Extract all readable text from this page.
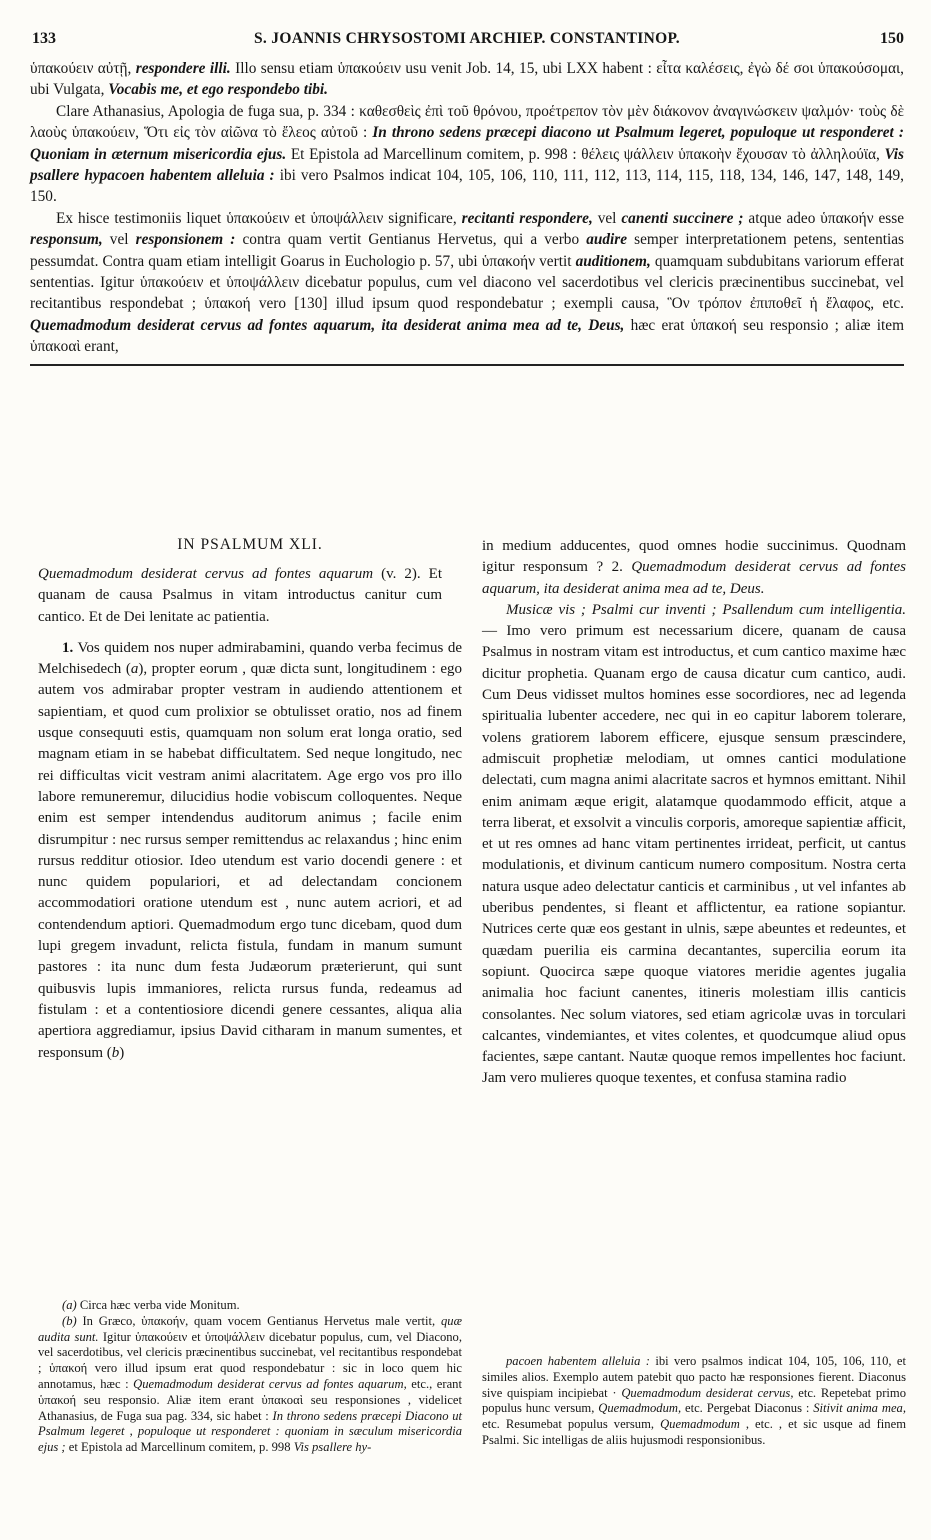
133	S. JOANNIS CHRYSOSTOMI ARCHIEP. CONSTANTINOP.	150

ὑπακούειν αὐτῇ, respondere illi. Illo sensu etiam ὑπακούειν usu venit Job. 14, 15, ubi LXX habent : εἶτα καλέσεις, ἐγὼ δέ σοι ὑπακούσομαι, ubi Vulgata, Vocabis me, et ego respondebo tibi.

Clare Athanasius, Apologia de fuga sua, p. 334 : καθεσθεὶς ἐπὶ τοῦ θρόνου, προέτρεπον τὸν μὲν διάκονον ἀναγινώσκειν ψαλμόν· τοὺς δὲ λαοὺς ὑπακούειν, Ὅτι εἰς τὸν αἰῶνα τὸ ἔλεος αὐτοῦ : In throno sedens præcepi diacono ut Psalmum legeret, populoque ut responderet : Quoniam in æternum misericordia ejus. Et Epistola ad Marcellinum comitem, p. 998 : θέλεις ψάλλειν ὑπακοὴν ἔχουσαν τὸ ἀλληλούϊα, Vis psallere hypacoen habentem alleluia : ibi vero Psalmos indicat 104, 105, 106, 110, 111, 112, 113, 114, 115, 118, 134, 146, 147, 148, 149, 150.

Ex hisce testimoniis liquet ὑπακούειν et ὑποψάλλειν significare, recitanti respondere, vel canenti succinere ; atque adeo ὑπακοήν esse responsum, vel responsionem : contra quam vertit Gentianus Hervetus, qui a verbo audire semper interpretationem petens, sententias pessumdat. Contra quam etiam intelligit Goarus in Euchologio p. 57, ubi ὑπακοήν vertit auditionem, quamquam subdubitans variorum efferat sententias. Igitur ὑπακούειν et ὑποψάλλειν dicebatur populus, cum vel diacono vel sacerdotibus vel clericis præcinentibus succinebat, vel recitantibus respondebat ; ὑπακοή vero [130] illud ipsum quod respondebatur ; exempli causa, Ὃν τρόπον ἐπιποθεῖ ἡ ἔλαφος, etc. Quemadmodum desiderat cervus ad fontes aquarum, ita desiderat anima mea ad te, Deus, hæc erat ὑπακοή seu responsio ; aliæ item ὑπακοαὶ erant,

IN PSALMUM XLI.

Quemadmodum desiderat cervus ad fontes aquarum (v. 2). Et quanam de causa Psalmus in vitam introductus canitur cum cantico. Et de Dei lenitate ac patientia.

1. Vos quidem nos nuper admirabamini, quando verba fecimus de Melchisedech (a), propter eorum , quæ dicta sunt, longitudinem : ego autem vos admirabar propter vestram in audiendo attentionem et sapientiam, et quod cum prolixior se obtulisset oratio, nos ad finem usque consequuti estis, quamquam non solum erat longa oratio, sed magnam etiam in se habebat difficultatem. Sed neque longitudo, nec rei difficultas vicit vestram animi alacritatem. Age ergo vos pro illo labore remuneremur, dilucidius hodie vobiscum colloquentes. Neque enim est semper intendendus auditorum animus ; facile enim disrumpitur : nec rursus semper remittendus ac relaxandus ; hinc enim rursus redditur otiosior. Ideo utendum est vario docendi genere : et nunc quidem populariori, et ad delectandam concionem accommodatiori oratione utendum est , nunc autem acriori, et ad contendendum aptiori. Quemadmodum ergo tunc dicebam, quod dum lupi gregem invadunt, relicta fistula, fundam in manum sumunt pastores : ita nunc dum festa Judæorum præterierunt, qui sunt quibusvis lupis immaniores, relicta rursus funda, redeamus ad fistulam : et a contentiosiore dicendi genere cessantes, aliqua alia apertiora aggrediamur, ipsius David citharam in manum sumentes, et responsum (b)

(a) Circa hæc verba vide Monitum.

(b) In Græco, ὑπακοήν, quam vocem Gentianus Hervetus male vertit, quæ audita sunt. Igitur ὑπακούειν et ὑποψάλλειν dicebatur populus, cum, vel Diacono, vel sacerdotibus, vel clericis præcinentibus succinebat, vel recitantibus respondebat ; ὑπακοή vero illud ipsum erat quod respondebatur : sic in loco quem hic annotamus, hæc : Quemadmodum desiderat cervus ad fontes aquarum, etc., erant ὑπακοή seu responsio. Aliæ item erant ὑπακοαὶ seu responsiones , videlicet Athanasius, de Fuga sua pag. 334, sic habet : In throno sedens præcepi Diacono ut Psalmum legeret , populoque ut responderet : quoniam in sæculum misericordia ejus ; et Epistola ad Marcellinum comitem, p. 998 Vis psallere hy-

in medium adducentes, quod omnes hodie succinimus. Quodnam igitur responsum ? 2. Quemadmodum desiderat cervus ad fontes aquarum, ita desiderat anima mea ad te, Deus.

Musicæ vis ; Psalmi cur inventi ; Psallendum cum intelligentia. — Imo vero primum est necessarium dicere, quanam de causa Psalmus in nostram vitam est introductus, et cum cantico maxime hæc dicitur prophetia. Quanam ergo de causa dicatur cum cantico, audi. Cum Deus vidisset multos homines esse socordiores, nec ad legenda spiritualia lubenter accedere, nec qui in eo capitur laborem tolerare, volens gratiorem laborem efficere, ejusque sensum præscindere, admiscuit prophetiæ melodiam, ut omnes cantici modulatione delectati, cum magna animi alacritate sacros et hymnos emittant. Nihil enim animam æque erigit, alatamque quodammodo efficit, atque a terra liberat, et exsolvit a vinculis corporis, amoreque sapientiæ afficit, et ut res omnes ad hanc vitam pertinentes irrideat, perficit, ut cantus modulationis, et divinum canticum numero compositum. Nostra certa natura usque adeo delectatur canticis et carminibus , ut vel infantes ab uberibus pendentes, si fleant et afflictentur, ea ratione sopiantur. Nutrices certe quæ eos gestant in ulnis, sæpe abeuntes et redeuntes, et quædam puerilia eis carmina decantantes, supercilia eorum ita sopiunt. Quocirca sæpe quoque viatores meridie agentes jugalia animalia hoc faciunt canentes, itineris molestiam illis canticis consolantes. Nec solum viatores, sed etiam agricolæ uvas in torculari calcantes, vindemiantes, et vites colentes, et quodcumque aliud opus facientes, sæpe cantant. Nautæ quoque remos impellentes hoc faciunt. Jam vero mulieres quoque texentes, et confusa stamina radio

pacoen habentem alleluia : ibi vero psalmos indicat 104, 105, 106, 110, et similes alios. Exemplo autem patebit quo pacto hæ responsiones fierent. Diaconus sive quispiam incipiebat · Quemadmodum desiderat cervus, etc. Repetebat primo populus hunc versum, Quemadmodum, etc. Pergebat Diaconus : Sitivit anima mea, etc. Resumebat populus versum, Quemadmodum , etc. , et sic usque ad finem Psalmi. Sic intelligas de aliis hujusmodi responsionibus.
